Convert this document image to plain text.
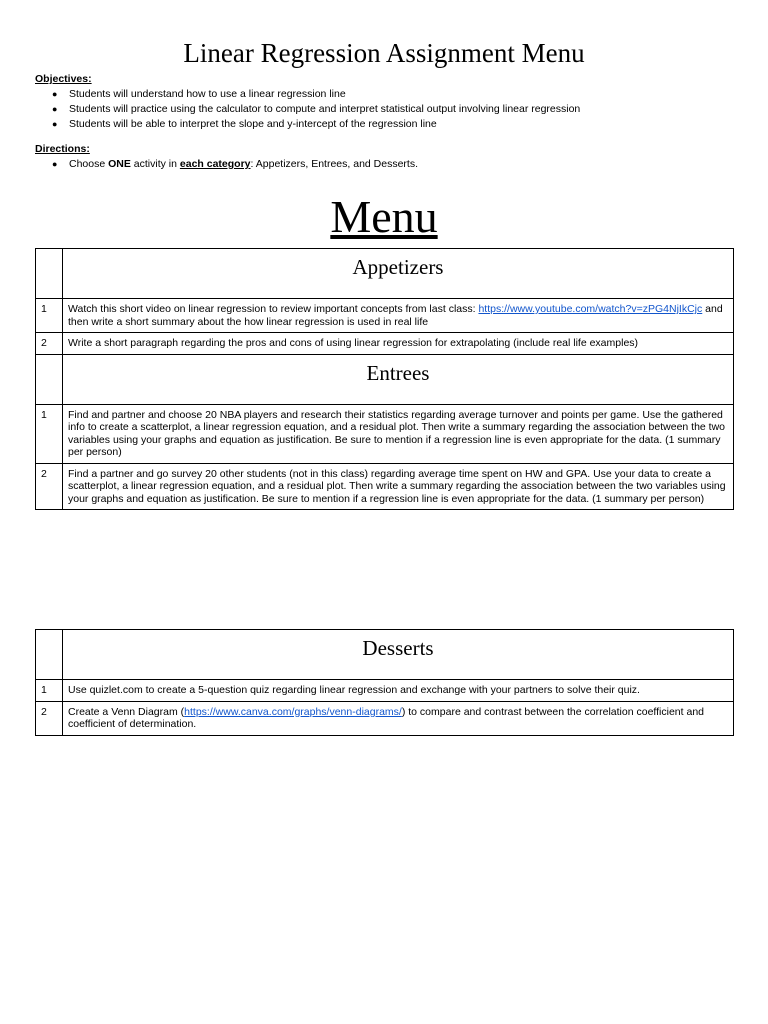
Linear Regression Assignment Menu
Objectives:
● Students will understand how to use a linear regression line
● Students will practice using the calculator to compute and interpret statistical output involving linear regression
● Students will be able to interpret the slope and y-intercept of the regression line
Directions:
● Choose ONE activity in each category: Appetizers, Entrees, and Desserts.
Menu
	Appetizers
1	Watch this short video on linear regression to review important concepts from last class: https://www.youtube.com/watch?v=zPG4NjIkCjc and then write a short summary about the how linear regression is used in real life
2	Write a short paragraph regarding the pros and cons of using linear regression for extrapolating (include real life examples)
	Entrees
1	Find and partner and choose 20 NBA players and research their statistics regarding average turnover and points per game. Use the gathered info to create a scatterplot, a linear regression equation, and a residual plot. Then write a summary regarding the association between the two variables using your graphs and equation as justification. Be sure to mention if a regression line is even appropriate for the data. (1 summary per person)
2	Find a partner and go survey 20 other students (not in this class) regarding average time spent on HW and GPA. Use your data to create a scatterplot, a linear regression equation, and a residual plot. Then write a summary regarding the association between the two variables using your graphs and equation as justification. Be sure to mention if a regression line is even appropriate for the data. (1 summary per person)
	Desserts
1	Use quizlet.com to create a 5-question quiz regarding linear regression and exchange with your partners to solve their quiz.
2	Create a Venn Diagram (https://www.canva.com/graphs/venn-diagrams/) to compare and contrast between the correlation coefficient and coefficient of determination.
